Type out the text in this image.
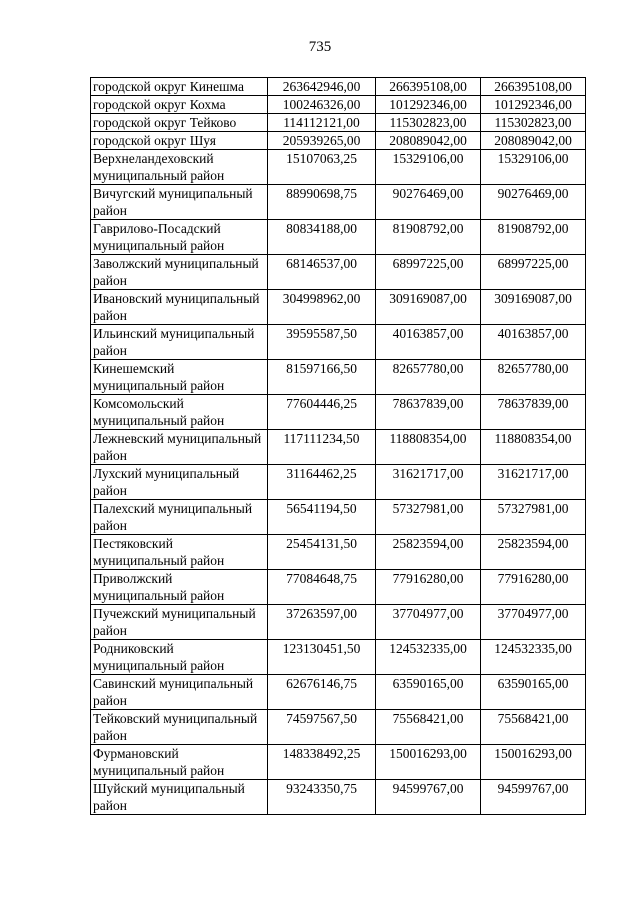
735
городской округ Кинешма	263642946,00	266395108,00	266395108,00
городской округ Кохма	100246326,00	101292346,00	101292346,00
городской округ Тейково	114112121,00	115302823,00	115302823,00
городской округ Шуя	205939265,00	208089042,00	208089042,00
Верхнеландеховский муниципальный район	15107063,25	15329106,00	15329106,00
Вичугский муниципальный район	88990698,75	90276469,00	90276469,00
Гаврилово-Посадский муниципальный район	80834188,00	81908792,00	81908792,00
Заволжский муниципальный район	68146537,00	68997225,00	68997225,00
Ивановский муниципальный район	304998962,00	309169087,00	309169087,00
Ильинский муниципальный район	39595587,50	40163857,00	40163857,00
Кинешемский муниципальный район	81597166,50	82657780,00	82657780,00
Комсомольский муниципальный район	77604446,25	78637839,00	78637839,00
Лежневский муниципальный район	117111234,50	118808354,00	118808354,00
Лухский муниципальный район	31164462,25	31621717,00	31621717,00
Палехский муниципальный район	56541194,50	57327981,00	57327981,00
Пестяковский муниципальный район	25454131,50	25823594,00	25823594,00
Приволжский муниципальный район	77084648,75	77916280,00	77916280,00
Пучежский муниципальный район	37263597,00	37704977,00	37704977,00
Родниковский муниципальный район	123130451,50	124532335,00	124532335,00
Савинский муниципальный район	62676146,75	63590165,00	63590165,00
Тейковский муниципальный район	74597567,50	75568421,00	75568421,00
Фурмановский муниципальный район	148338492,25	150016293,00	150016293,00
Шуйский муниципальный район	93243350,75	94599767,00	94599767,00
